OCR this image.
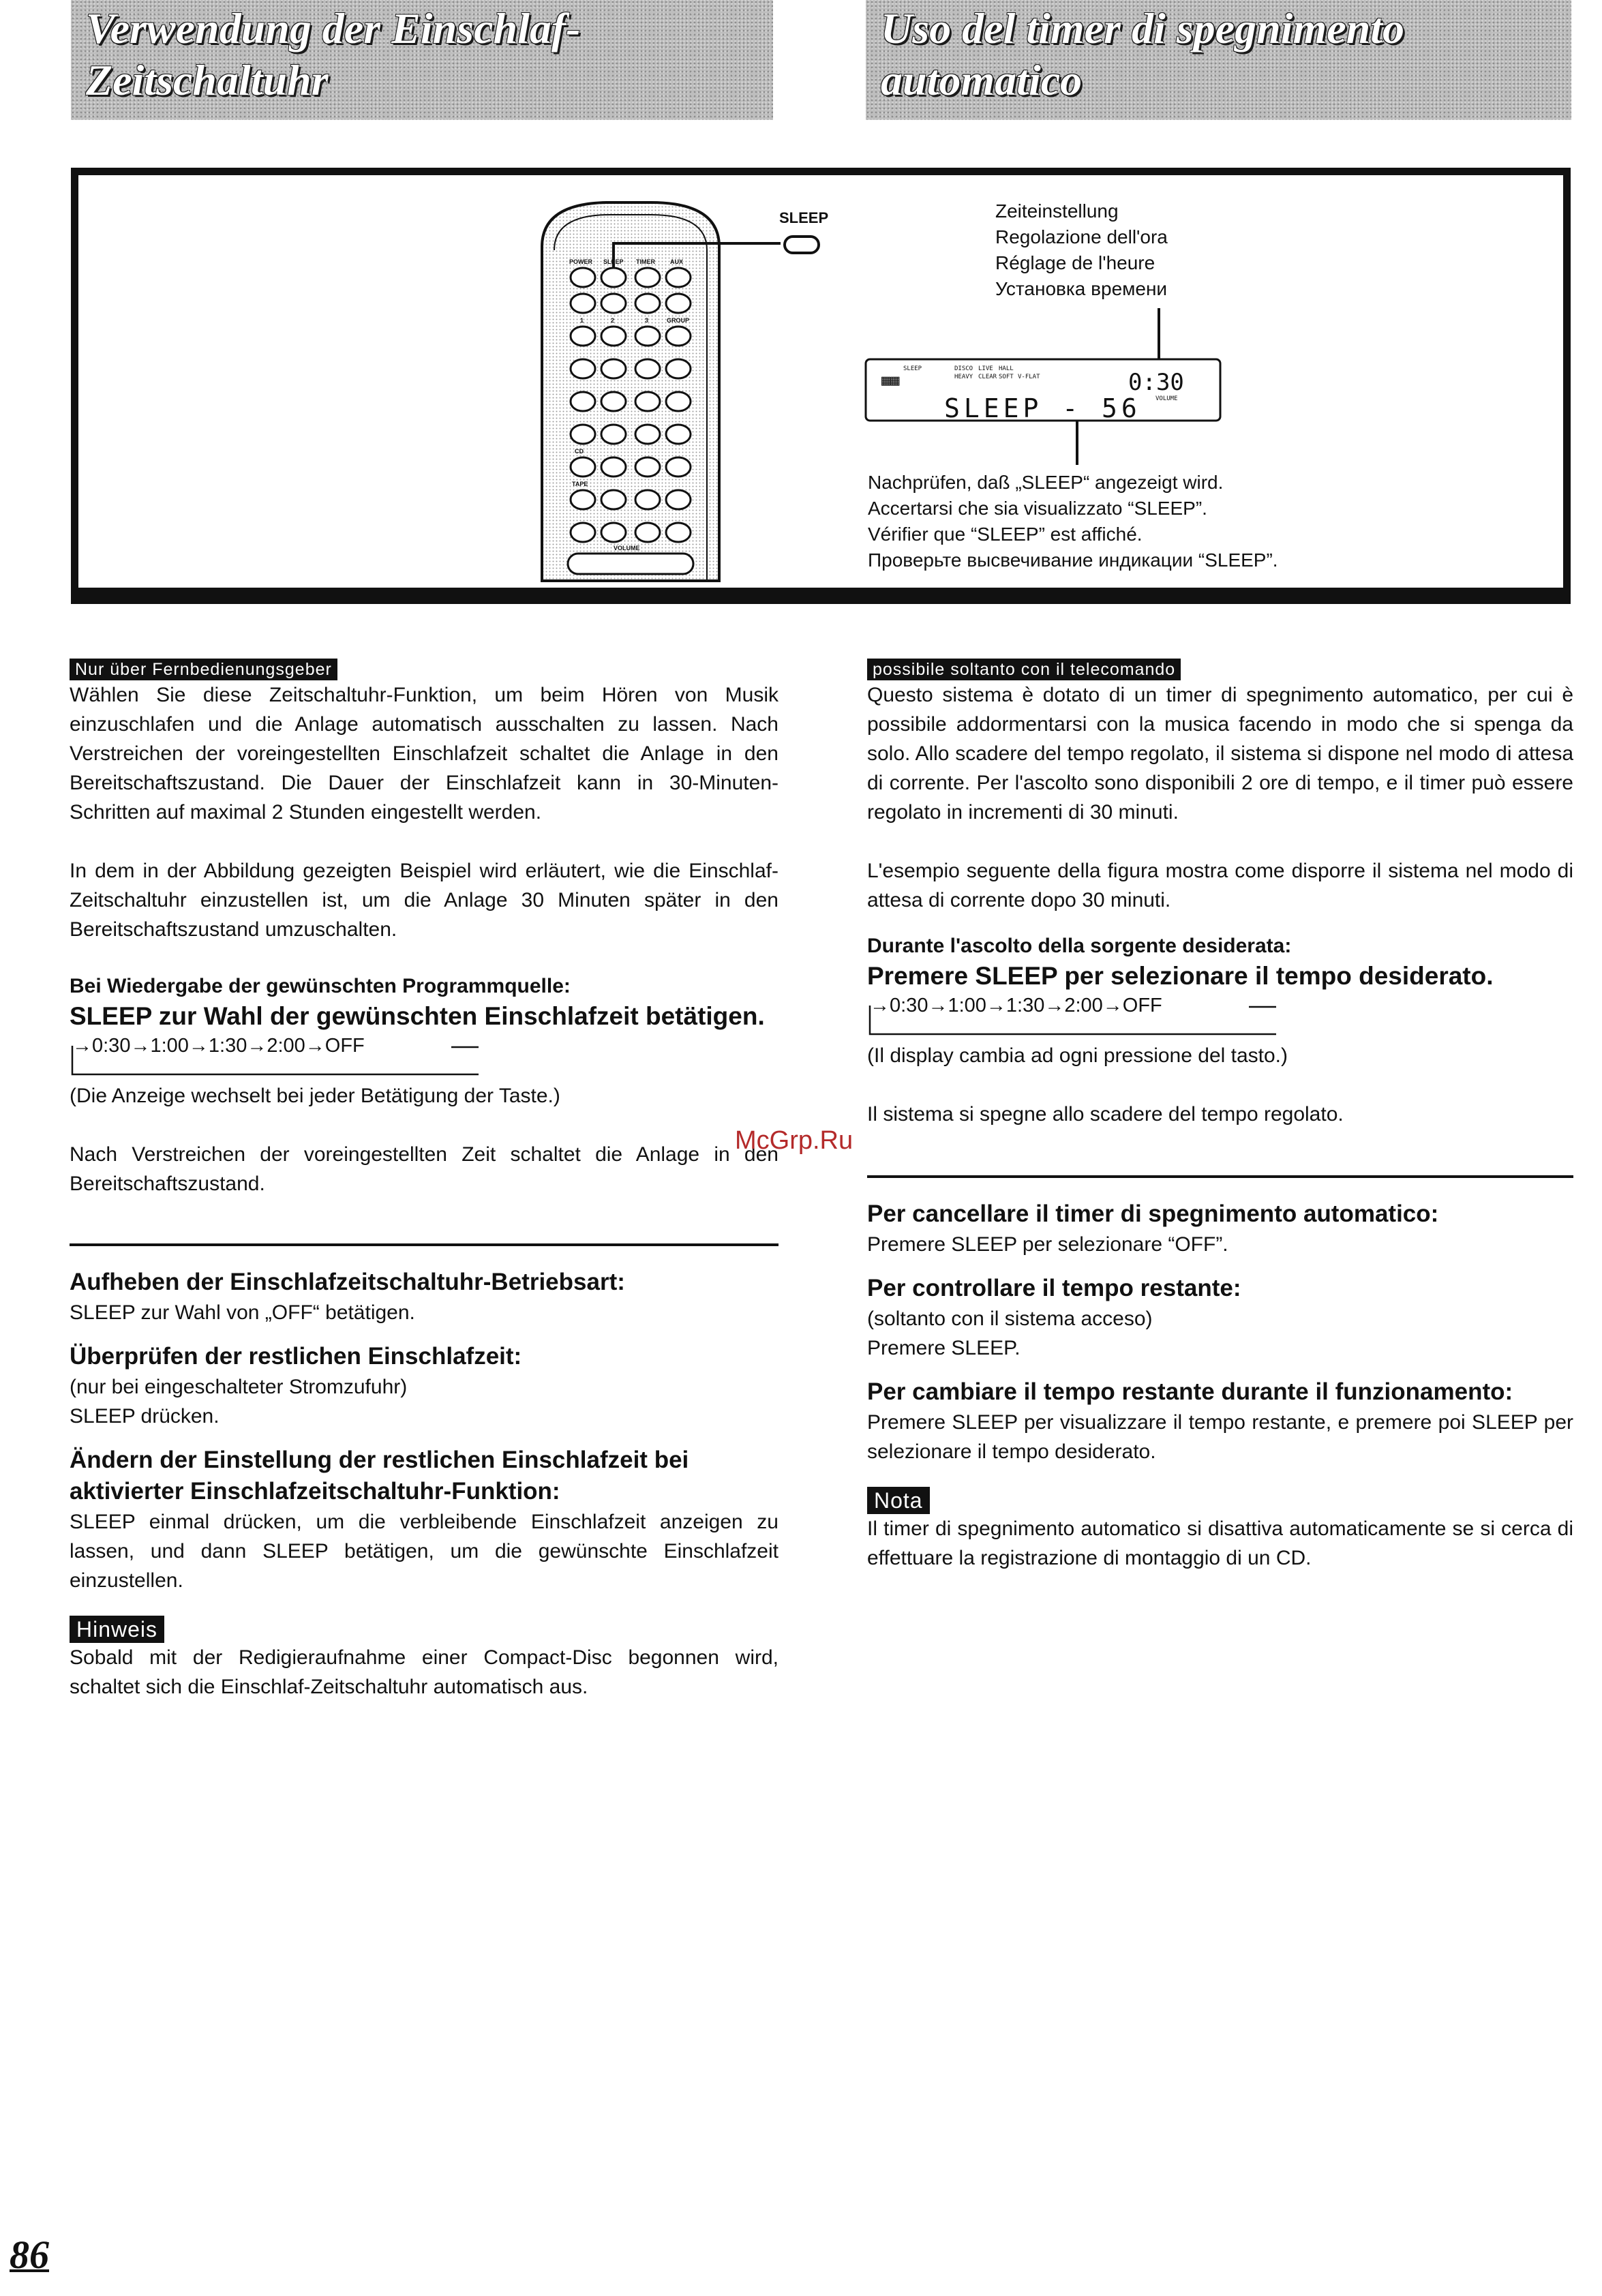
Verwendung der Einschlaf-
Zeitschaltuhr
Uso del timer di spegnimento
automatico
SLEEP
POWER SLEEP TIMER AUX
1	2	3	GROUP
CD
TAPE
VOLUME
Zeiteinstellung
Regolazione dell'ora
Réglage de l'heure
Установка времени
▦▦
SLEEP	DISCO LIVE HALL
HEAVY CLEAR SOFT V-FLAT	0:30
VOLUME
SLEEP - 56
Nachprüfen, daß „SLEEP“ angezeigt wird.
Accertarsi che sia visualizzato “SLEEP”.
Vérifier que “SLEEP” est affiché.
Проверьте высвечивание индикации “SLEEP”.
Nur über Fernbedienungsgeber

Wählen Sie diese Zeitschaltuhr-Funktion, um beim Hören von Musik einzuschlafen und die Anlage automatisch ausschalten zu lassen. Nach Verstreichen der voreingestellten Einschlafzeit schaltet die Anlage in den Bereitschaftszustand. Die Dauer der Einschlafzeit kann in 30-Minuten-Schritten auf maximal 2 Stunden eingestellt werden.

In dem in der Abbildung gezeigten Beispiel wird erläutert, wie die Einschlaf-Zeitschaltuhr einzustellen ist, um die Anlage 30 Minuten später in den Bereitschaftszustand umzuschalten.

Bei Wiedergabe der gewünschten Programmquelle:
SLEEP zur Wahl der gewünschten Einschlafzeit betätigen.
→0:30→1:00→1:30→2:00→OFF

(Die Anzeige wechselt bei jeder Betätigung der Taste.)

Nach Verstreichen der voreingestellten Zeit schaltet die Anlage in den Bereitschaftszustand.

Aufheben der Einschlafzeitschaltuhr-Betriebsart:

SLEEP zur Wahl von „OFF“ betätigen.

Überprüfen der restlichen Einschlafzeit:

(nur bei eingeschalteter Stromzufuhr)

SLEEP drücken.

Ändern der Einstellung der restlichen Einschlafzeit bei aktivierter Einschlafzeitschaltuhr-Funktion:

SLEEP einmal drücken, um die verbleibende Einschlafzeit anzeigen zu lassen, und dann SLEEP betätigen, um die gewünschte Einschlafzeit einzustellen.

Hinweis

Sobald mit der Redigieraufnahme einer Compact-Disc begonnen wird, schaltet sich die Einschlaf-Zeitschaltuhr automatisch aus.

possibile soltanto con il telecomando

Questo sistema è dotato di un timer di spegnimento automatico, per cui è possibile addormentarsi con la musica facendo in modo che si spenga da solo. Allo scadere del tempo regolato, il sistema si dispone nel modo di attesa di corrente. Per l'ascolto sono disponibili 2 ore di tempo, e il timer può essere regolato in incrementi di 30 minuti.

L'esempio seguente della figura mostra come disporre il sistema nel modo di attesa di corrente dopo 30 minuti.

Durante l'ascolto della sorgente desiderata:
Premere SLEEP per selezionare il tempo desiderato.
→0:30→1:00→1:30→2:00→OFF

(Il display cambia ad ogni pressione del tasto.)

Il sistema si spegne allo scadere del tempo regolato.

Per cancellare il timer di spegnimento automatico:

Premere SLEEP per selezionare “OFF”.

Per controllare il tempo restante:

(soltanto con il sistema acceso)

Premere SLEEP.

Per cambiare il tempo restante durante il funzionamento:

Premere SLEEP per visualizzare il tempo restante, e premere poi SLEEP per selezionare il tempo desiderato.

Nota

Il timer di spegnimento automatico si disattiva automaticamente se si cerca di effettuare la registrazione di montaggio di un CD.

McGrp.Ru
86
